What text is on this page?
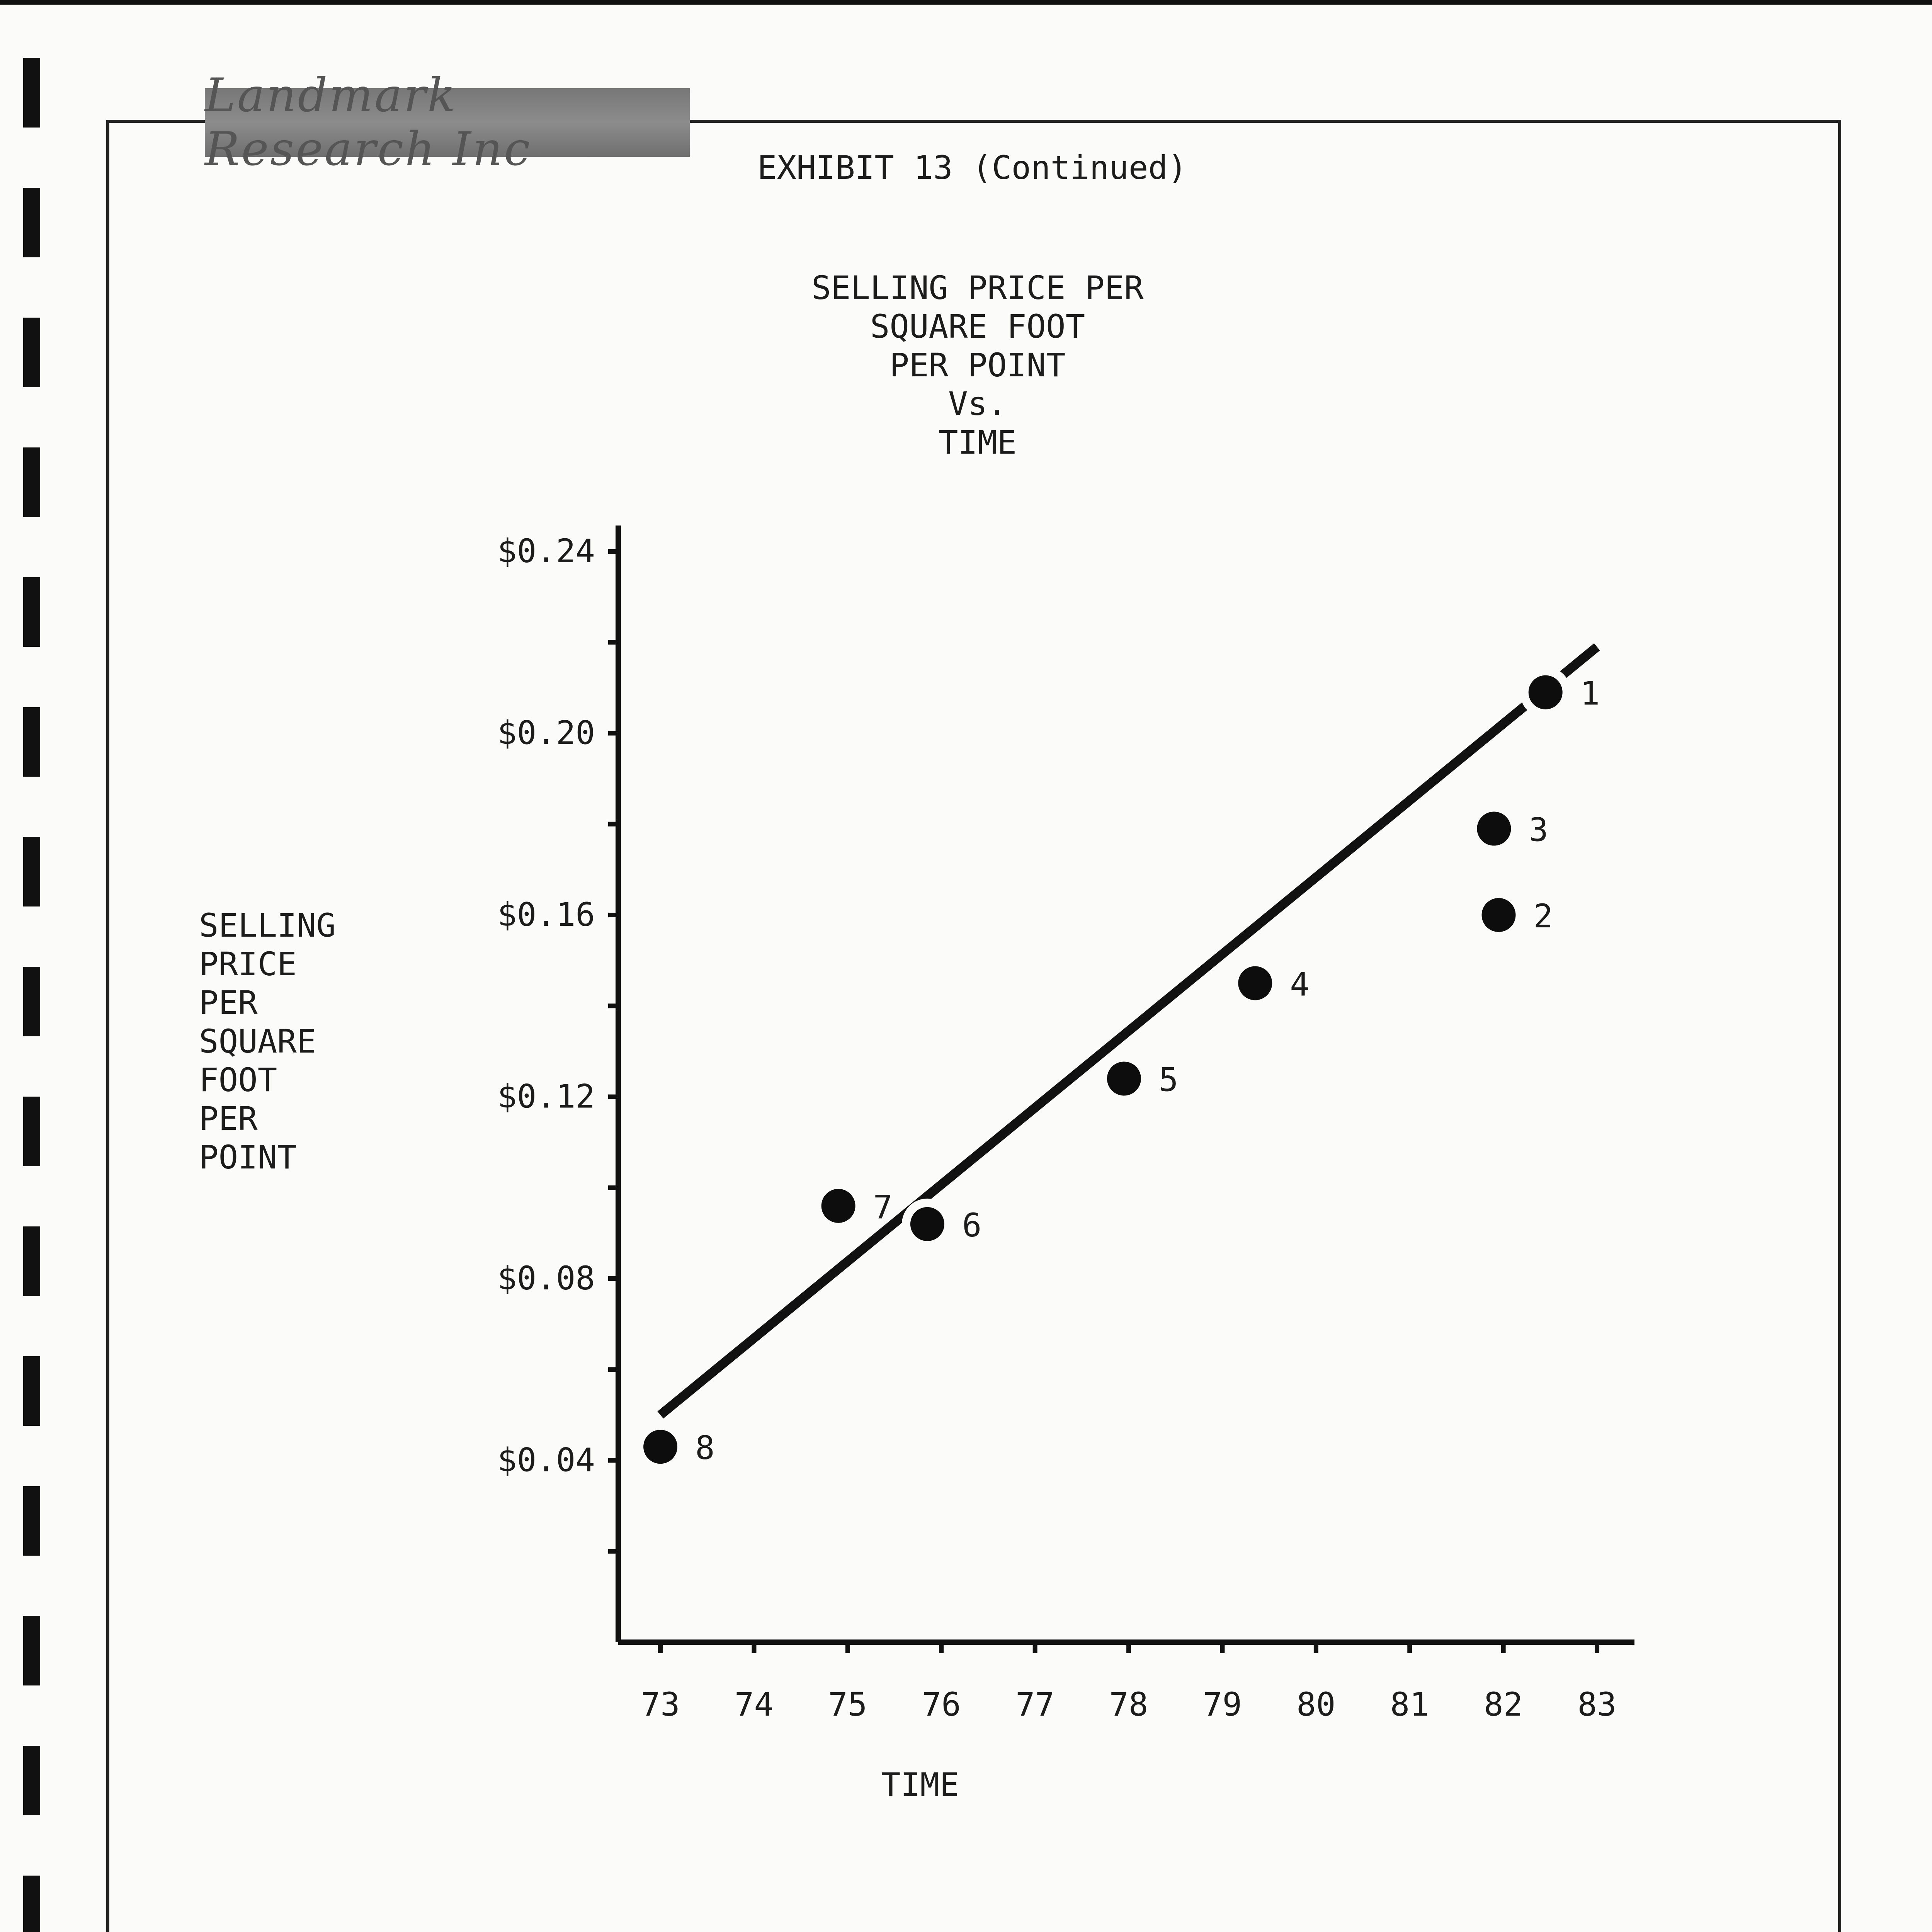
Landmark Research Inc	EXHIBIT 13 (Continued)
SELLING PRICE PER
SQUARE FOOT
PER POINT
Vs.
TIME
SELLING
PRICE
PER
SQUARE
FOOT
PER
POINT
$0.04
$0.08
$0.12
$0.16
$0.20
$0.24
73 74 75 76 77 78 79 80 81 82 83
1
2
3
4
5
6
7
8
TIME
